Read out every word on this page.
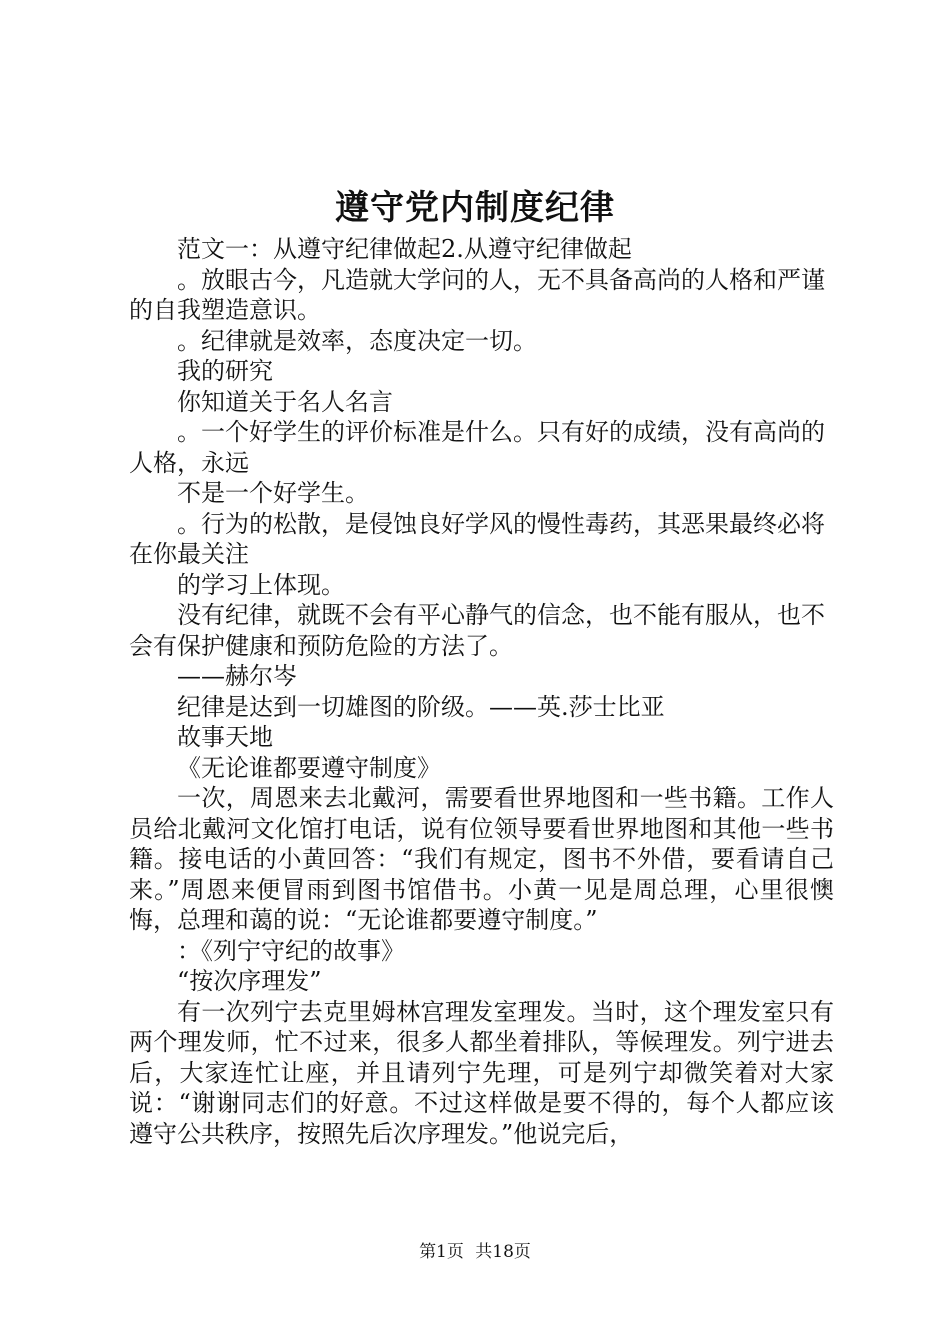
遵守党内制度纪律

范文一：从遵守纪律做起2.从遵守纪律做起

。放眼古今，凡造就大学问的人，无不具备高尚的人格和严谨的自我塑造意识。

。纪律就是效率，态度决定一切。

我的研究

你知道关于名人名言

。一个好学生的评价标准是什么。只有好的成绩，没有高尚的人格，永远

不是一个好学生。

。行为的松散，是侵蚀良好学风的慢性毒药，其恶果最终必将在你最关注

的学习上体现。

没有纪律，就既不会有平心静气的信念，也不能有服从，也不会有保护健康和预防危险的方法了。

——赫尔岑

纪律是达到一切雄图的阶级。——英.莎士比亚

故事天地

《无论谁都要遵守制度》

一次，周恩来去北戴河，需要看世界地图和一些书籍。工作人员给北戴河文化馆打电话，说有位领导要看世界地图和其他一些书籍。接电话的小黄回答：“我们有规定，图书不外借，要看请自己来。”周恩来便冒雨到图书馆借书。小黄一见是周总理，心里很懊悔，总理和蔼的说：“无论谁都要遵守制度。”

：《列宁守纪的故事》

“按次序理发”

有一次列宁去克里姆林宫理发室理发。当时，这个理发室只有两个理发师，忙不过来，很多人都坐着排队，等候理发。列宁进去后，大家连忙让座，并且请列宁先理，可是列宁却微笑着对大家说：“谢谢同志们的好意。不过这样做是要不得的，每个人都应该遵守公共秩序，按照先后次序理发。”他说完后，

第1页 共18页
